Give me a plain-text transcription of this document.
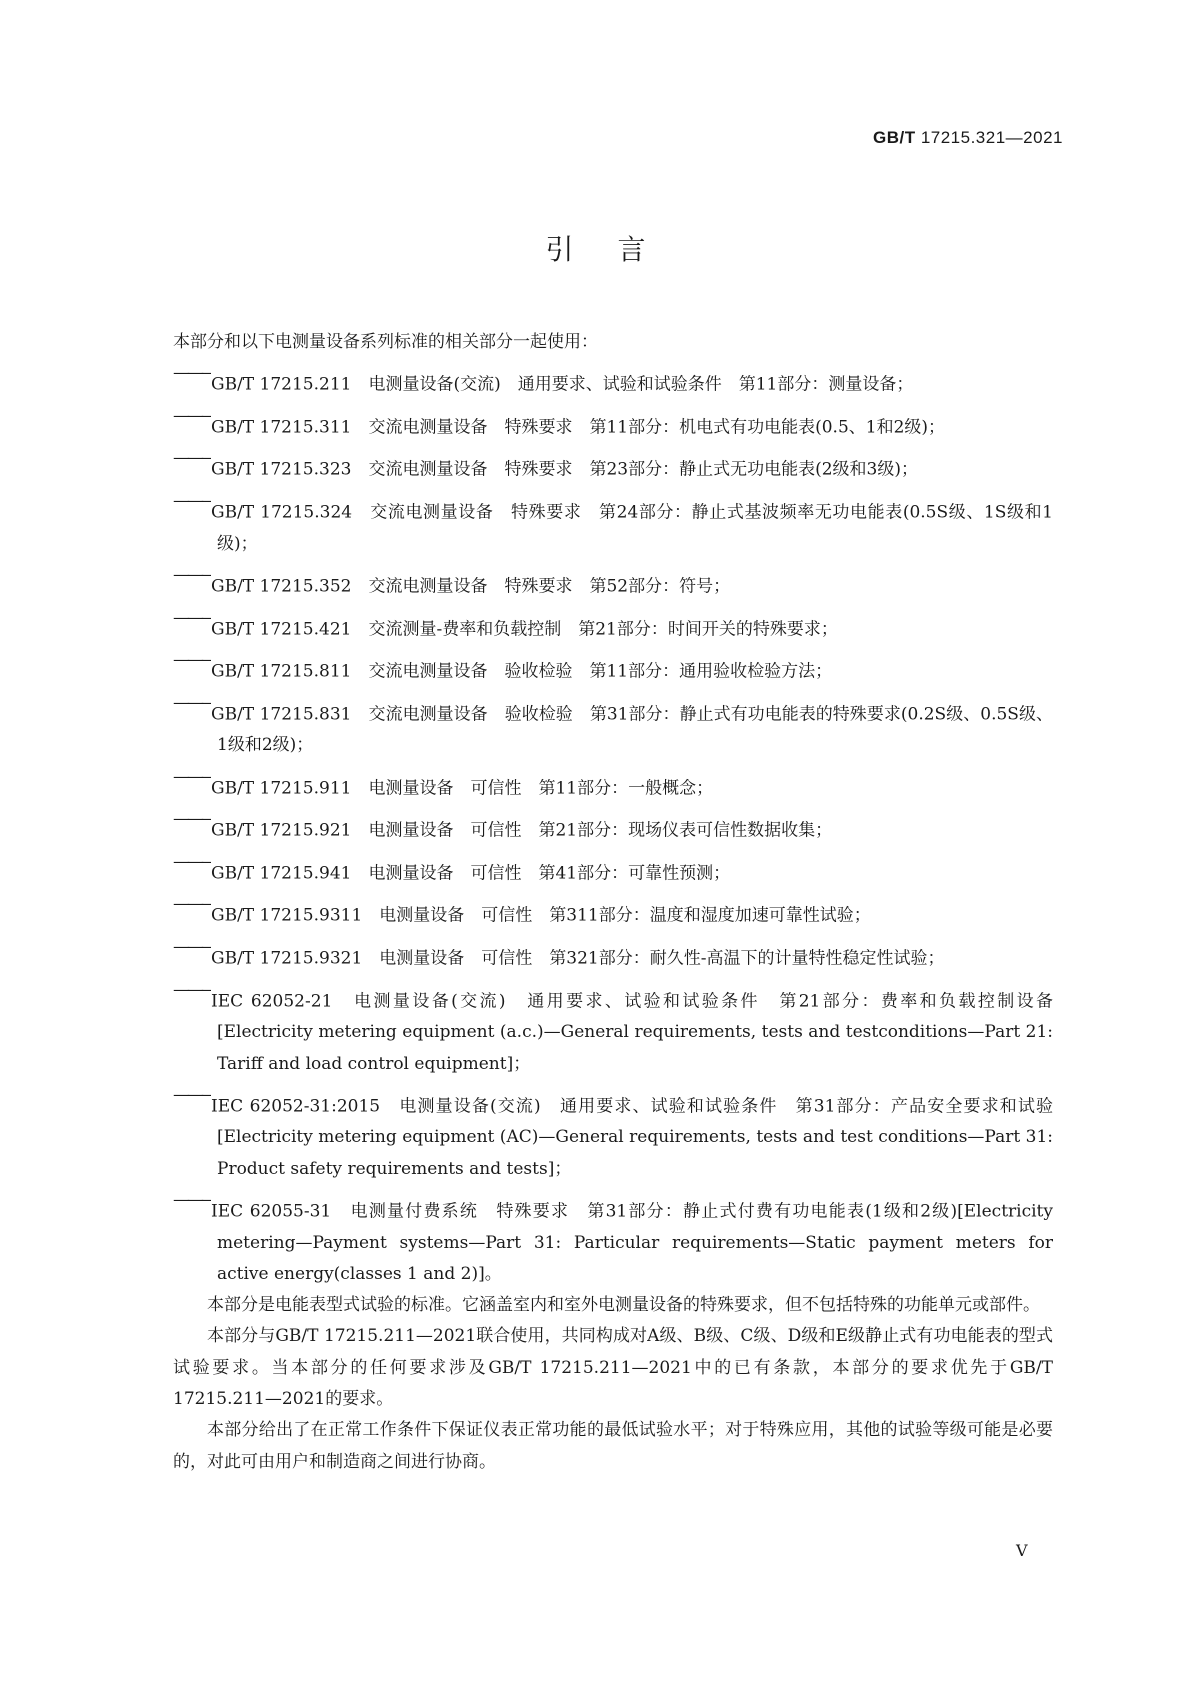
GB/T 17215.321—2021
引言

本部分和以下电测量设备系列标准的相关部分一起使用：

—————GB/T 17215.211　电测量设备(交流)　通用要求、试验和试验条件　第11部分：测量设备；
—————GB/T 17215.311　交流电测量设备　特殊要求　第11部分：机电式有功电能表(0.5、1和2级)；
—————GB/T 17215.323　交流电测量设备　特殊要求　第23部分：静止式无功电能表(2级和3级)；
—————GB/T 17215.324　交流电测量设备　特殊要求　第24部分：静止式基波频率无功电能表(0.5S级、1S级和1级)；
—————GB/T 17215.352　交流电测量设备　特殊要求　第52部分：符号；
—————GB/T 17215.421　交流测量-费率和负载控制　第21部分：时间开关的特殊要求；
—————GB/T 17215.811　交流电测量设备　验收检验　第11部分：通用验收检验方法；
—————GB/T 17215.831　交流电测量设备　验收检验　第31部分：静止式有功电能表的特殊要求(0.2S级、0.5S级、1级和2级)；
—————GB/T 17215.911　电测量设备　可信性　第11部分：一般概念；
—————GB/T 17215.921　电测量设备　可信性　第21部分：现场仪表可信性数据收集；
—————GB/T 17215.941　电测量设备　可信性　第41部分：可靠性预测；
—————GB/T 17215.9311　电测量设备　可信性　第311部分：温度和湿度加速可靠性试验；
—————GB/T 17215.9321　电测量设备　可信性　第321部分：耐久性-高温下的计量特性稳定性试验；
—————IEC 62052-21　电测量设备(交流)　通用要求、试验和试验条件　第21部分：费率和负载控制设备[Electricity metering equipment (a.c.)—General requirements, tests and testconditions—Part 21: Tariff and load control equipment]；
—————IEC 62052-31:2015　电测量设备(交流)　通用要求、试验和试验条件　第31部分：产品安全要求和试验[Electricity metering equipment (AC)—General requirements, tests and test conditions—Part 31: Product safety requirements and tests]；
—————IEC 62055-31　电测量付费系统　特殊要求　第31部分：静止式付费有功电能表(1级和2级)[Electricity metering—Payment systems—Part 31: Particular requirements—Static payment meters for active energy(classes 1 and 2)]。

本部分是电能表型式试验的标准。它涵盖室内和室外电测量设备的特殊要求，但不包括特殊的功能单元或部件。

本部分与GB/T 17215.211—2021联合使用，共同构成对A级、B级、C级、D级和E级静止式有功电能表的型式试验要求。当本部分的任何要求涉及GB/T 17215.211—2021中的已有条款，本部分的要求优先于GB/T 17215.211—2021的要求。

本部分给出了在正常工作条件下保证仪表正常功能的最低试验水平；对于特殊应用，其他的试验等级可能是必要的，对此可由用户和制造商之间进行协商。

V
